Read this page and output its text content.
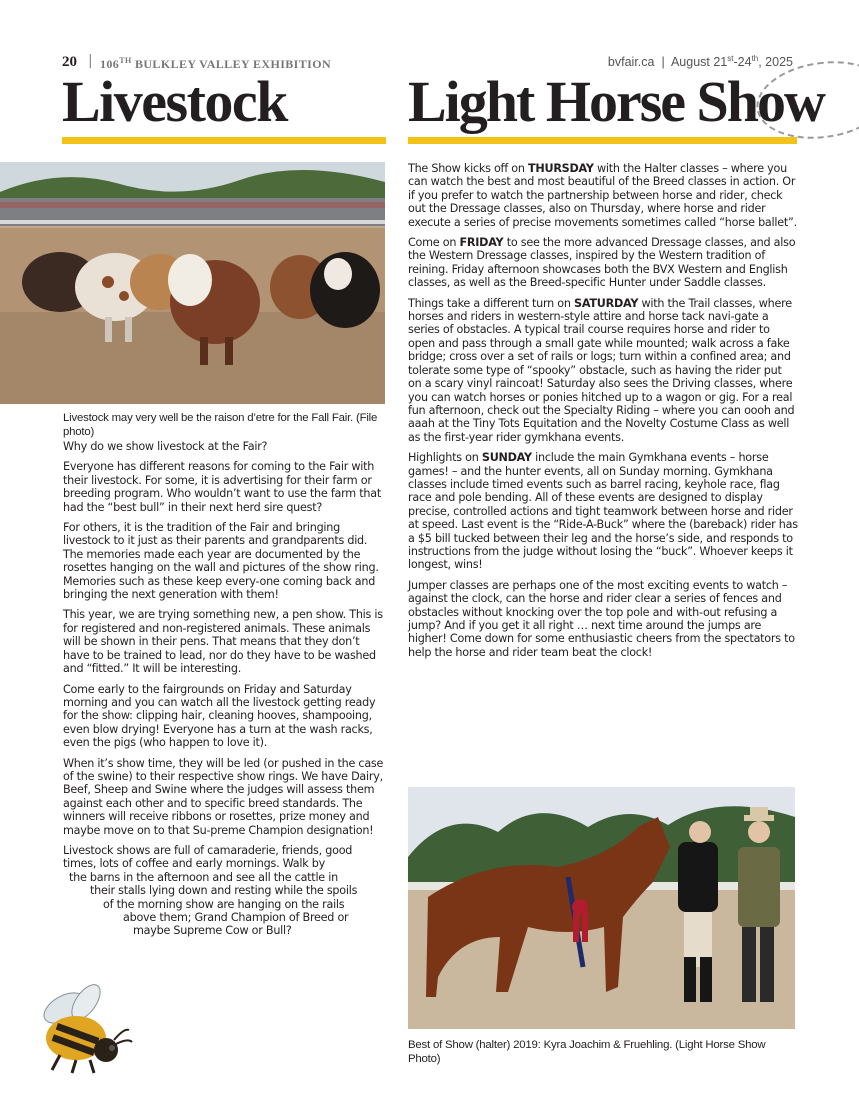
20 | 106TH BULKLEY VALLEY EXHIBITION	bvfair.ca | August 21st-24th, 2025
Livestock Light Horse Show
Livestock may very well be the raison d’etre for the Fall Fair. (File photo)

Why do we show livestock at the Fair?

Everyone has different reasons for coming to the Fair with their livestock. For some, it is advertising for their farm or breeding program. Who wouldn’t want to use the farm that had the “best bull” in their next herd sire quest?

For others, it is the tradition of the Fair and bringing livestock to it just as their parents and grandparents did. The memories made each year are documented by the rosettes hanging on the wall and pictures of the show ring. Memories such as these keep every-one coming back and bringing the next generation with them!

This year, we are trying something new, a pen show. This is for registered and non-registered animals. These animals will be shown in their pens. That means that they don’t have to be trained to lead, nor do they have to be washed and “fitted.” It will be interesting.

Come early to the fairgrounds on Friday and Saturday morning and you can watch all the livestock getting ready for the show: clipping hair, cleaning hooves, shampooing, even blow drying! Everyone has a turn at the wash racks, even the pigs (who happen to love it).

When it’s show time, they will be led (or pushed in the case of the swine) to their respective show rings. We have Dairy, Beef, Sheep and Swine where the judges will assess them against each other and to specific breed standards. The winners will receive ribbons or rosettes, prize money and maybe move on to that Su-preme Champion designation!

Livestock shows are full of camaraderie, friends, good
times, lots of coffee and early mornings. Walk by
the barns in the afternoon and see all the cattle in
their stalls lying down and resting while the spoils
of the morning show are hanging on the rails
above them; Grand Champion of Breed or
maybe Supreme Cow or Bull?

The Show kicks off on THURSDAY with the Halter classes – where you can watch the best and most beautiful of the Breed classes in action. Or if you prefer to watch the partnership between horse and rider, check out the Dressage classes, also on Thursday, where horse and rider execute a series of precise movements sometimes called “horse ballet”.

Come on FRIDAY to see the more advanced Dressage classes, and also the Western Dressage classes, inspired by the Western tradition of reining. Friday afternoon showcases both the BVX Western and English classes, as well as the Breed-specific Hunter under Saddle classes.

Things take a different turn on SATURDAY with the Trail classes, where horses and riders in western-style attire and horse tack navi-gate a series of obstacles. A typical trail course requires horse and rider to open and pass through a small gate while mounted; walk across a fake bridge; cross over a set of rails or logs; turn within a confined area; and tolerate some type of “spooky” obstacle, such as having the rider put on a scary vinyl raincoat! Saturday also sees the Driving classes, where you can watch horses or ponies hitched up to a wagon or gig. For a real fun afternoon, check out the Specialty Riding – where you can oooh and aaah at the Tiny Tots Equitation and the Novelty Costume Class as well as the first-year rider gymkhana events.

Highlights on SUNDAY include the main Gymkhana events – horse games! – and the hunter events, all on Sunday morning. Gymkhana classes include timed events such as barrel racing, keyhole race, flag race and pole bending. All of these events are designed to display precise, controlled actions and tight teamwork between horse and rider at speed. Last event is the “Ride-A-Buck” where the (bareback) rider has a $5 bill tucked between their leg and the horse’s side, and responds to instructions from the judge without losing the “buck”. Whoever keeps it longest, wins!

Jumper classes are perhaps one of the most exciting events to watch – against the clock, can the horse and rider clear a series of fences and obstacles without knocking over the top pole and with-out refusing a jump? And if you get it all right … next time around the jumps are higher! Come down for some enthusiastic cheers from the spectators to help the horse and rider team beat the clock!

Best of Show (halter) 2019: Kyra Joachim & Fruehling. (Light Horse Show Photo)
